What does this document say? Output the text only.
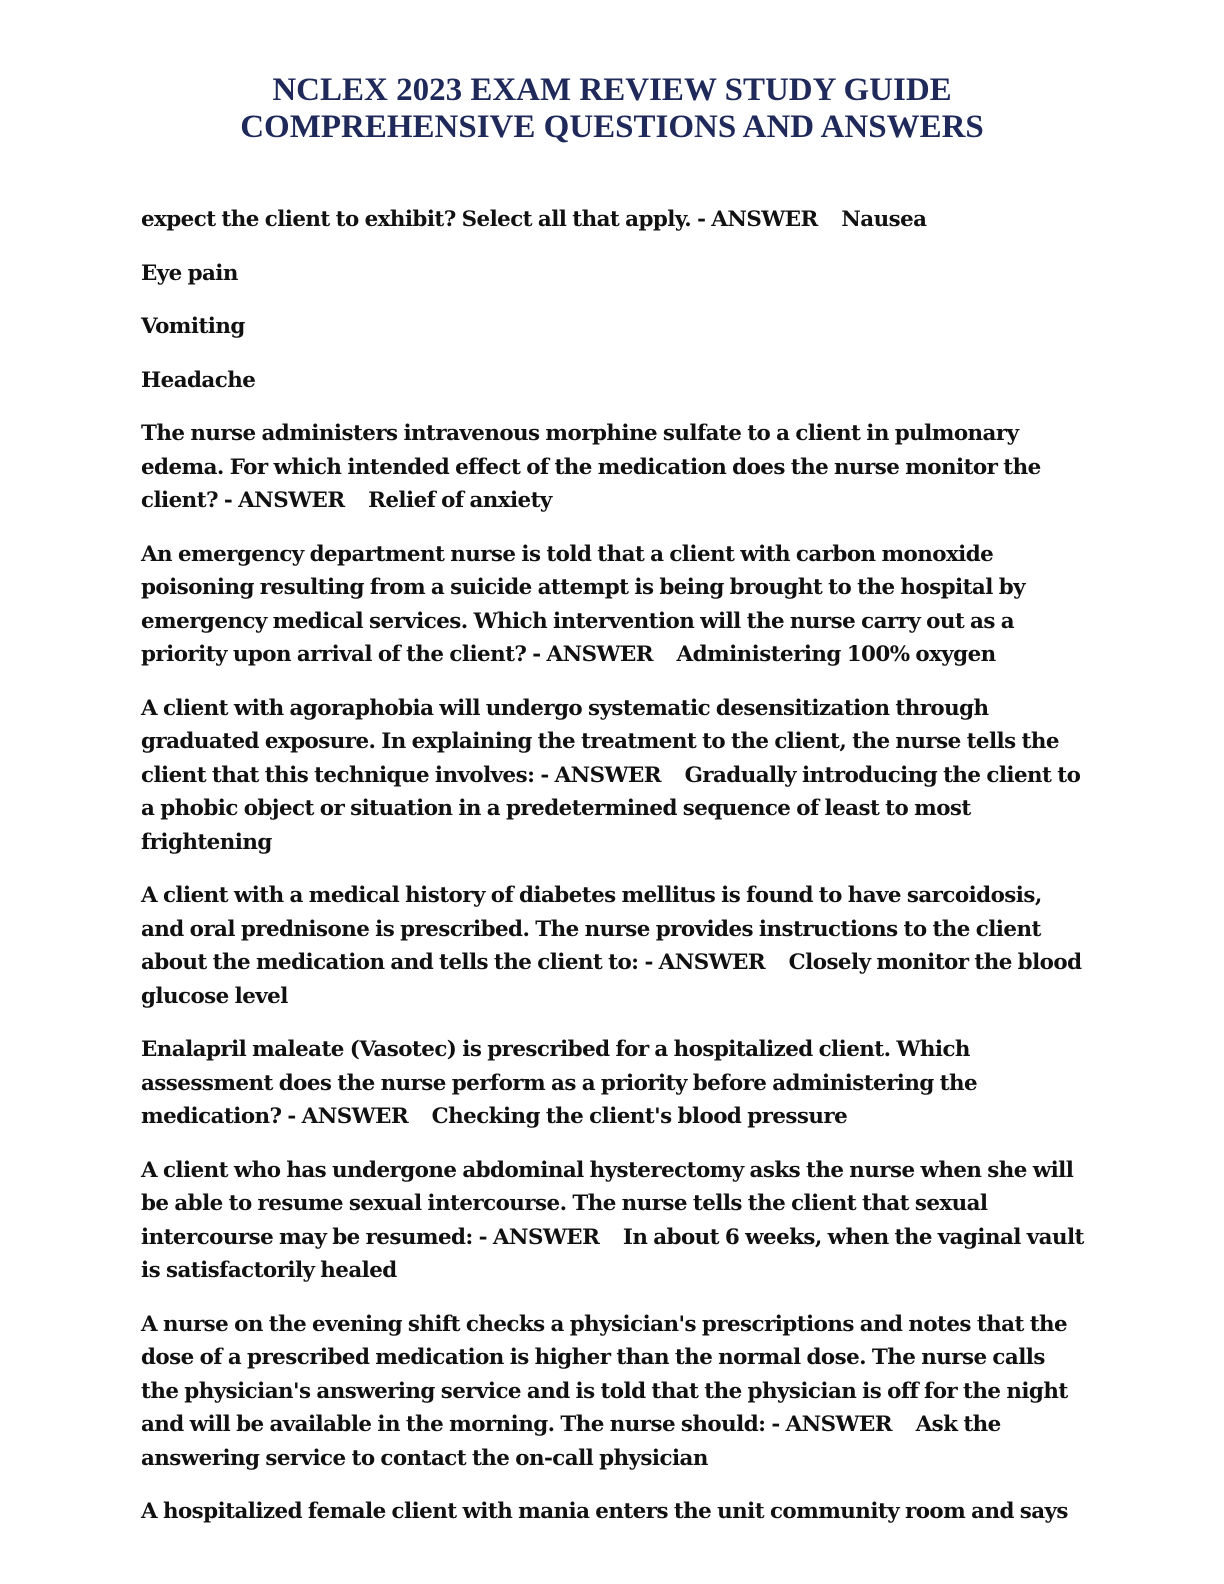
NCLEX 2023 EXAM REVIEW STUDY GUIDE
COMPREHENSIVE QUESTIONS AND ANSWERS

expect the client to exhibit? Select all that apply. - ANSWER Nausea

Eye pain

Vomiting

Headache

The nurse administers intravenous morphine sulfate to a client in pulmonary edema. For which intended effect of the medication does the nurse monitor the client? - ANSWER Relief of anxiety

An emergency department nurse is told that a client with carbon monoxide poisoning resulting from a suicide attempt is being brought to the hospital by emergency medical services. Which intervention will the nurse carry out as a priority upon arrival of the client? - ANSWER Administering 100% oxygen

A client with agoraphobia will undergo systematic desensitization through graduated exposure. In explaining the treatment to the client, the nurse tells the client that this technique involves: - ANSWER Gradually introducing the client to a phobic object or situation in a predetermined sequence of least to most frightening

A client with a medical history of diabetes mellitus is found to have sarcoidosis, and oral prednisone is prescribed. The nurse provides instructions to the client about the medication and tells the client to: - ANSWER Closely monitor the blood glucose level

Enalapril maleate (Vasotec) is prescribed for a hospitalized client. Which assessment does the nurse perform as a priority before administering the medication? - ANSWER Checking the client's blood pressure

A client who has undergone abdominal hysterectomy asks the nurse when she will be able to resume sexual intercourse. The nurse tells the client that sexual intercourse may be resumed: - ANSWER In about 6 weeks, when the vaginal vault is satisfactorily healed

A nurse on the evening shift checks a physician's prescriptions and notes that the dose of a prescribed medication is higher than the normal dose. The nurse calls the physician's answering service and is told that the physician is off for the night and will be available in the morning. The nurse should: - ANSWER Ask the answering service to contact the on-call physician

A hospitalized female client with mania enters the unit community room and says
